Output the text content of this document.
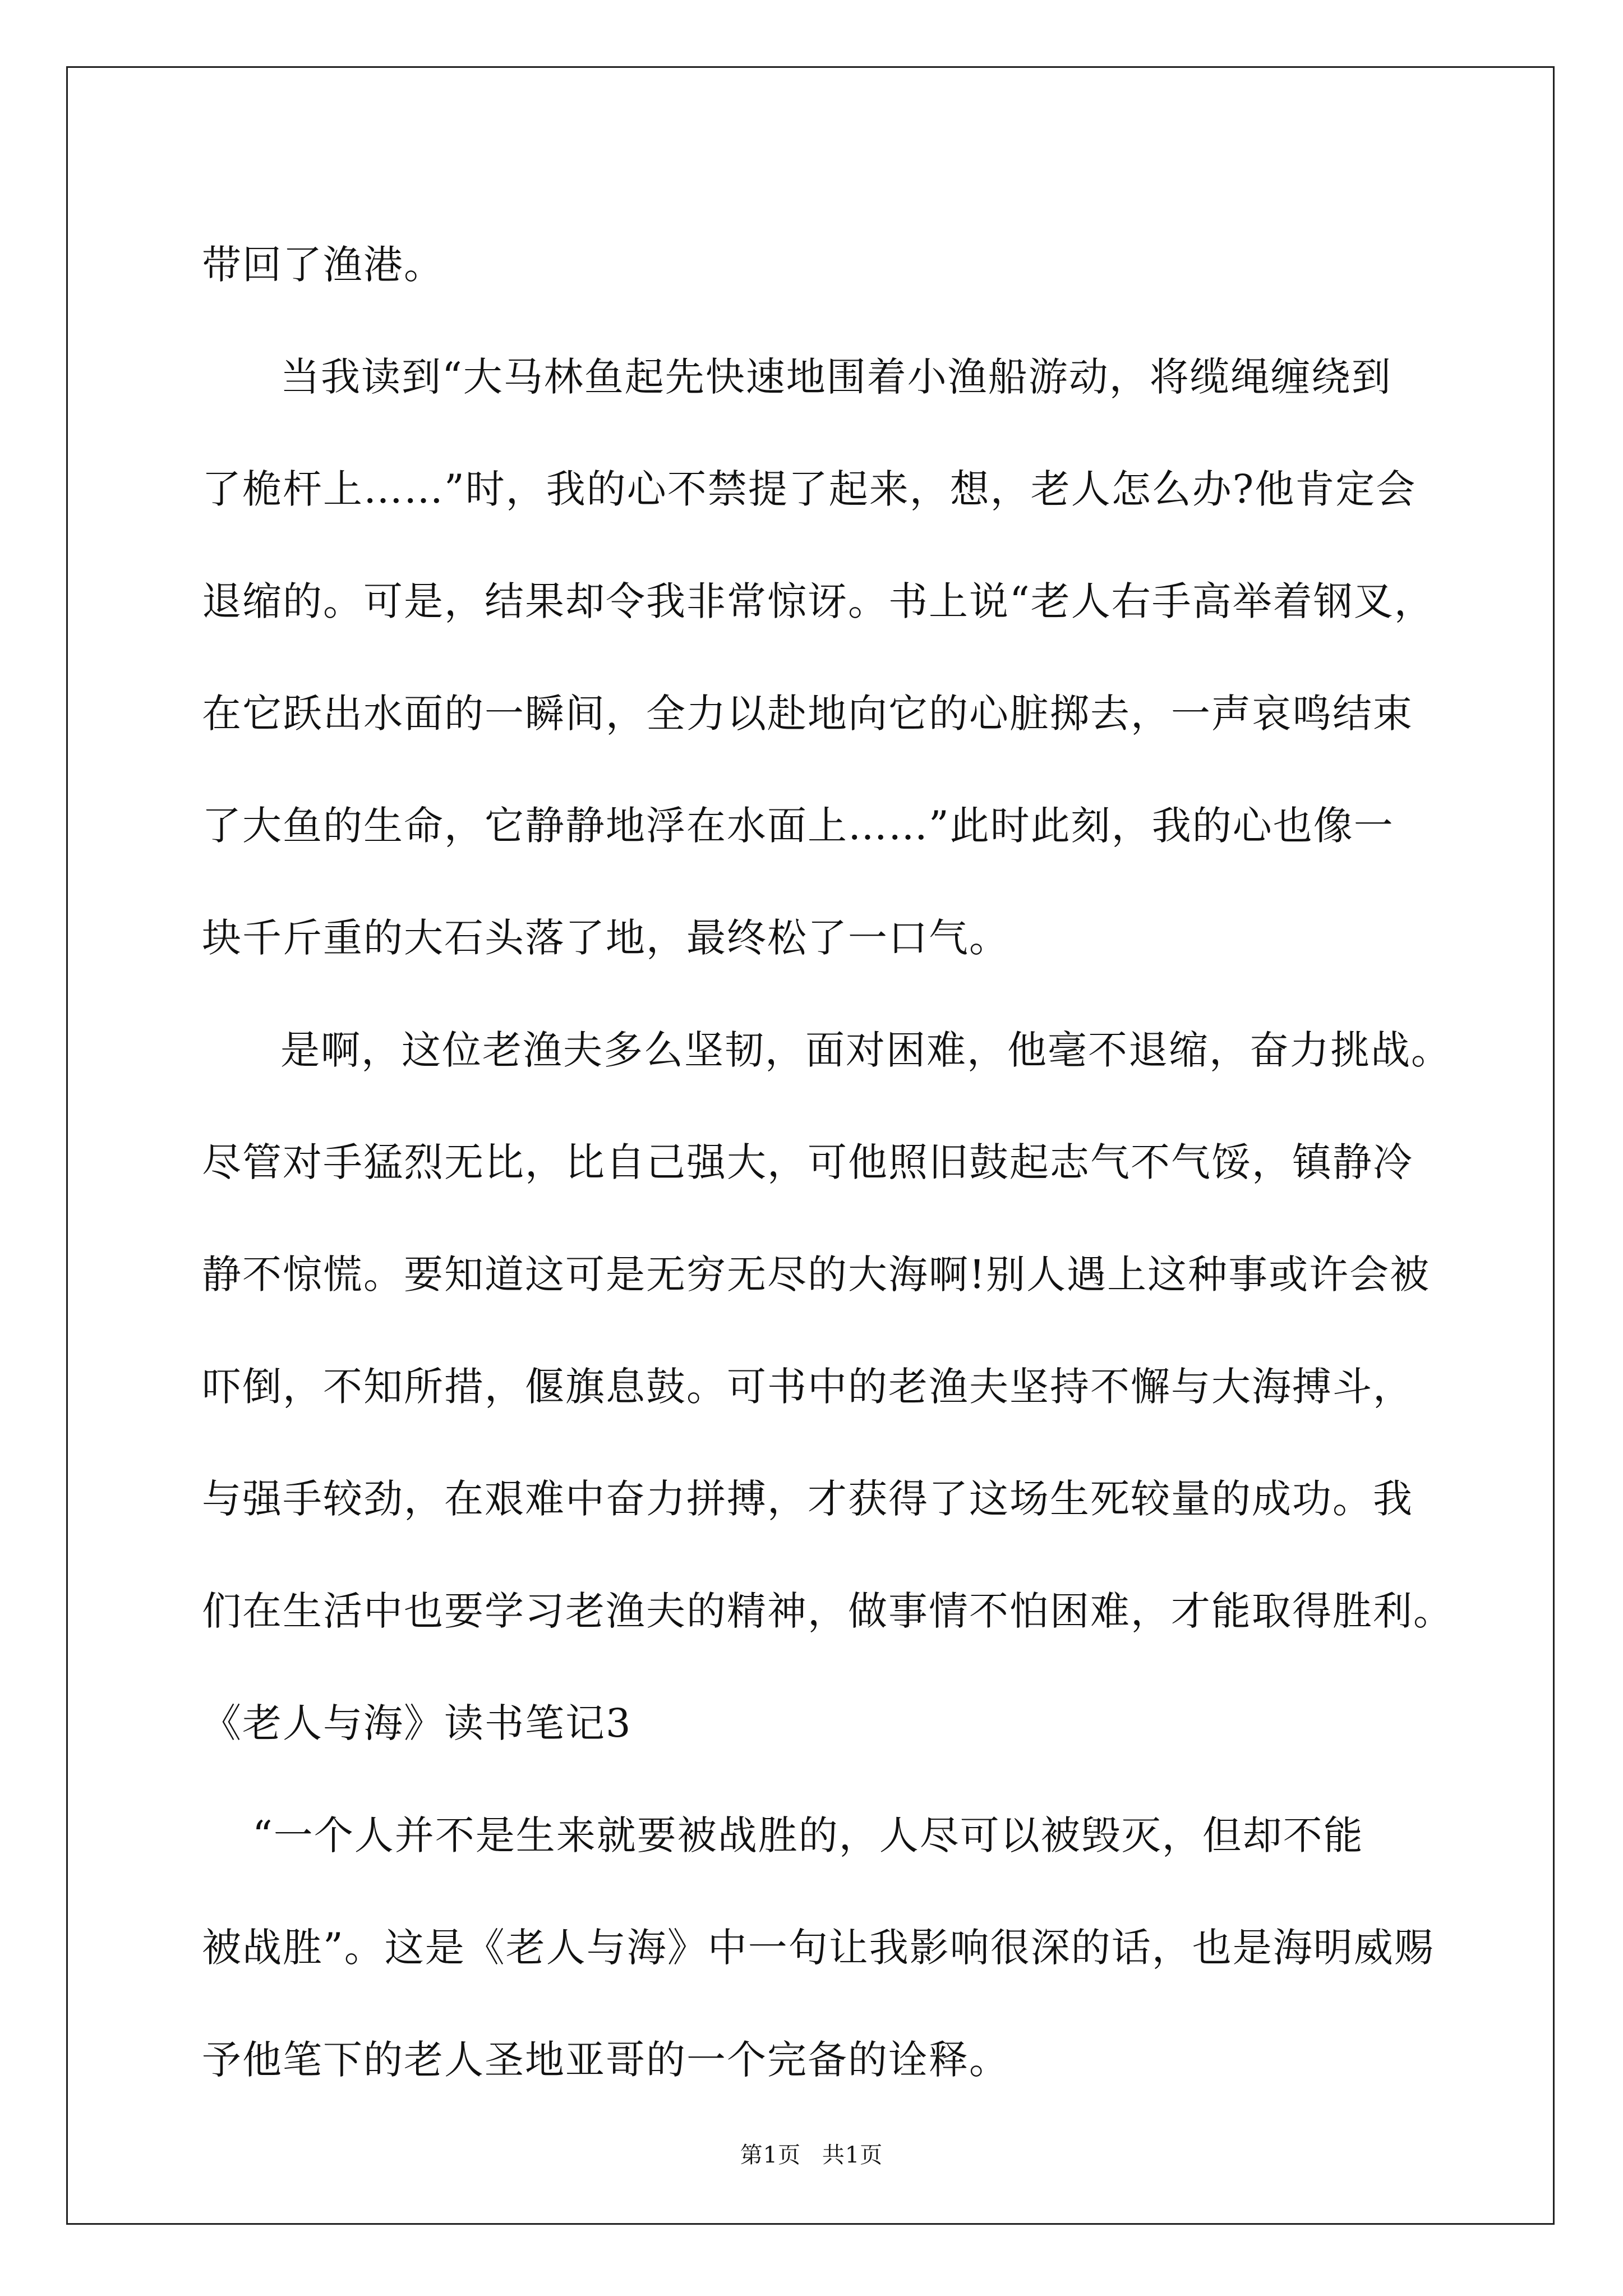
带回了渔港。
当我读到“大马林鱼起先快速地围着小渔船游动，将缆绳缠绕到
了桅杆上……”时，我的心不禁提了起来，想，老人怎么办?他肯定会
退缩的。可是，结果却令我非常惊讶。书上说“老人右手高举着钢叉，
在它跃出水面的一瞬间，全力以赴地向它的心脏掷去，一声哀鸣结束
了大鱼的生命，它静静地浮在水面上……”此时此刻，我的心也像一
块千斤重的大石头落了地，最终松了一口气。
是啊，这位老渔夫多么坚韧，面对困难，他毫不退缩，奋力挑战。
尽管对手猛烈无比，比自己强大，可他照旧鼓起志气不气馁，镇静冷
静不惊慌。要知道这可是无穷无尽的大海啊!别人遇上这种事或许会被
吓倒，不知所措，偃旗息鼓。可书中的老渔夫坚持不懈与大海搏斗，
与强手较劲，在艰难中奋力拼搏，才获得了这场生死较量的成功。我
们在生活中也要学习老渔夫的精神，做事情不怕困难，才能取得胜利。
《老人与海》读书笔记3
“一个人并不是生来就要被战胜的，人尽可以被毁灭，但却不能
被战胜”。这是《老人与海》中一句让我影响很深的话，也是海明威赐
予他笔下的老人圣地亚哥的一个完备的诠释。
第1页 共1页
